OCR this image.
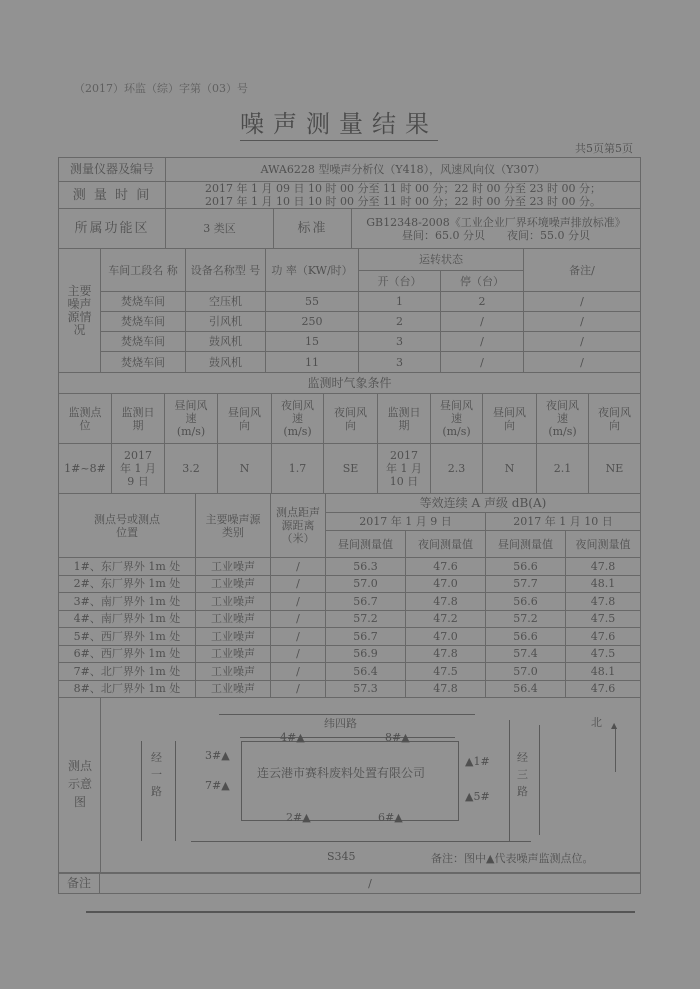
（2017）环监（综）字第（03）号
噪声测量结果
共5页第5页
测量仪器及编号	AWA6228 型噪声分析仪（Y418），风速风向仪（Y307）		
测 量 时 间	2017 年 1 月 09 日 10 时 00 分至 11 时 00 分；22 时 00 分至 23 时 00 分；
2017 年 1 月 10 日 10 时 00 分至 11 时 00 分；22 时 00 分至 23 时 00 分。		

所属功能区	3 类区	标准	GB12348-2008《工业企业厂界环境噪声排放标准》
昼间：65.0 分贝　　夜间：55.0 分贝
主要噪声源情况	车间工段名 称	设备名称型 号	功 率（KW/时）	运转状态		备注/
				开（台）	停（台）	
	焚烧车间	空压机	55	1	2	/
	焚烧车间	引风机	250	2	/	/
	焚烧车间	鼓风机	15	3	/	/
	焚烧车间	鼓风机	11	3	/	/
监测时气象条件										
监测点位	监测日期	昼间风速(m/s)	昼间风向	夜间风速(m/s)	夜间风向	监测日期	昼间风速(m/s)	昼间风向	夜间风速(m/s)	夜间风向
1#~8#	2017 年 1 月 9 日	3.2	N	1.7	SE	2017 年 1 月 10 日	2.3	N	2.1	NE
测点号或测点位置	主要噪声源类别	测点距声源距离（米）	等效连续 A 声级 dB(A)			
			2017 年 1 月 9 日		2017 年 1 月 10 日	
			昼间测量值	夜间测量值	昼间测量值	夜间测量值
1#、东厂界外 1m 处	工业噪声	/	56.3	47.6	56.6	47.8
2#、东厂界外 1m 处	工业噪声	/	57.0	47.0	57.7	48.1
3#、南厂界外 1m 处	工业噪声	/	56.7	47.8	56.6	47.8
4#、南厂界外 1m 处	工业噪声	/	57.2	47.2	57.2	47.5
5#、西厂界外 1m 处	工业噪声	/	56.7	47.0	56.6	47.6
6#、西厂界外 1m 处	工业噪声	/	56.9	47.8	57.4	47.5
7#、北厂界外 1m 处	工业噪声	/	56.4	47.5	57.0	48.1
8#、北厂界外 1m 处	工业噪声	/	57.3	47.8	56.4	47.6
测点示意图
纬四路
经一路
经三路
连云港市赛科废料处置有限公司
S345	备注：图中▲代表噪声监测点位。
北 ▲
▲1#
2#▲
3#▲
4#▲
▲5#
6#▲
7#▲
8#▲
备注	/
